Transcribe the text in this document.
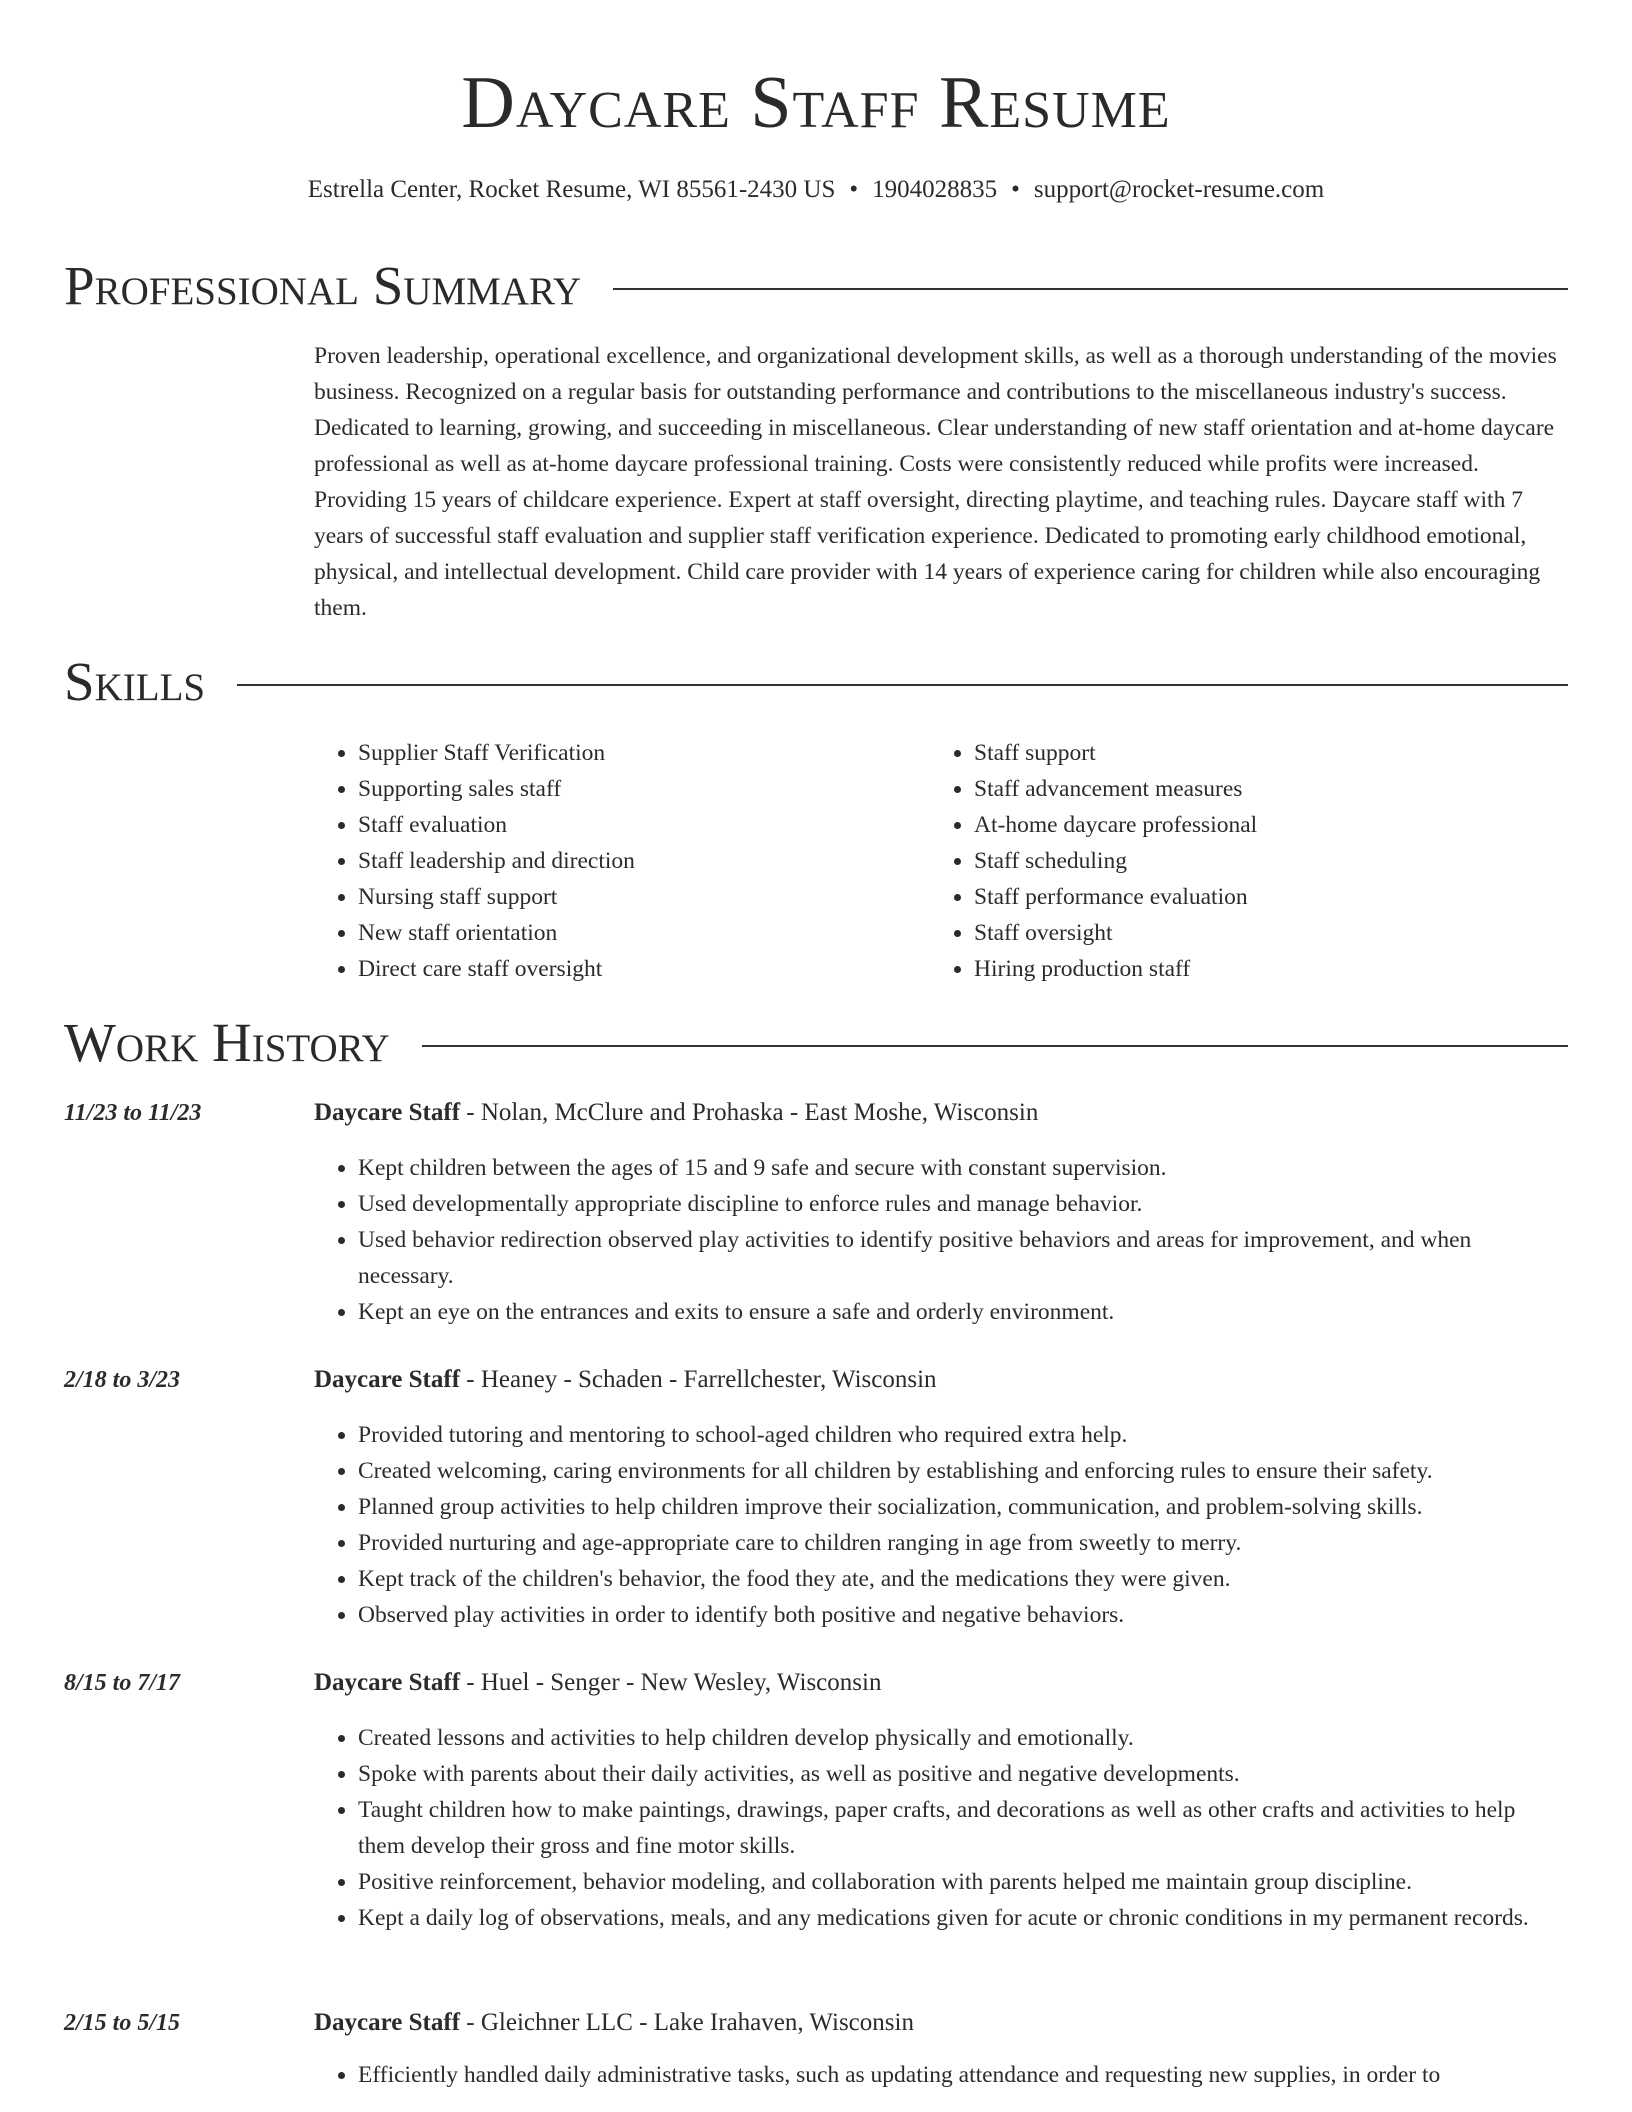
Daycare Staff Resume
Estrella Center, Rocket Resume, WI 85561-2430 US • 1904028835 • support@rocket-resume.com
Professional Summary

Proven leadership, operational excellence, and organizational development skills, as well as a thorough understanding of the movies business. Recognized on a regular basis for outstanding performance and contributions to the miscellaneous industry's success. Dedicated to learning, growing, and succeeding in miscellaneous. Clear understanding of new staff orientation and at-home daycare professional as well as at-home daycare professional training. Costs were consistently reduced while profits were increased. Providing 15 years of childcare experience. Expert at staff oversight, directing playtime, and teaching rules. Daycare staff with 7 years of successful staff evaluation and supplier staff verification experience. Dedicated to promoting early childhood emotional, physical, and intellectual development. Child care provider with 14 years of experience caring for children while also encouraging them.

Skills
• Supplier Staff Verification
• Supporting sales staff
• Staff evaluation
• Staff leadership and direction
• Nursing staff support
• New staff orientation
• Direct care staff oversight
• Staff support
• Staff advancement measures
• At-home daycare professional
• Staff scheduling
• Staff performance evaluation
• Staff oversight
• Hiring production staff
Work History
11/23 to 11/23	Daycare Staff - Nolan, McClure and Prohaska - East Moshe, Wisconsin
• Kept children between the ages of 15 and 9 safe and secure with constant supervision.
• Used developmentally appropriate discipline to enforce rules and manage behavior.
• Used behavior redirection observed play activities to identify positive behaviors and areas for improvement, and when necessary.
• Kept an eye on the entrances and exits to ensure a safe and orderly environment.
2/18 to 3/23	Daycare Staff - Heaney - Schaden - Farrellchester, Wisconsin
• Provided tutoring and mentoring to school-aged children who required extra help.
• Created welcoming, caring environments for all children by establishing and enforcing rules to ensure their safety.
• Planned group activities to help children improve their socialization, communication, and problem-solving skills.
• Provided nurturing and age-appropriate care to children ranging in age from sweetly to merry.
• Kept track of the children's behavior, the food they ate, and the medications they were given.
• Observed play activities in order to identify both positive and negative behaviors.
8/15 to 7/17	Daycare Staff - Huel - Senger - New Wesley, Wisconsin
• Created lessons and activities to help children develop physically and emotionally.
• Spoke with parents about their daily activities, as well as positive and negative developments.
• Taught children how to make paintings, drawings, paper crafts, and decorations as well as other crafts and activities to help them develop their gross and fine motor skills.
• Positive reinforcement, behavior modeling, and collaboration with parents helped me maintain group discipline.
• Kept a daily log of observations, meals, and any medications given for acute or chronic conditions in my permanent records.
2/15 to 5/15	Daycare Staff - Gleichner LLC - Lake Irahaven, Wisconsin
• Efficiently handled daily administrative tasks, such as updating attendance and requesting new supplies, in order to
